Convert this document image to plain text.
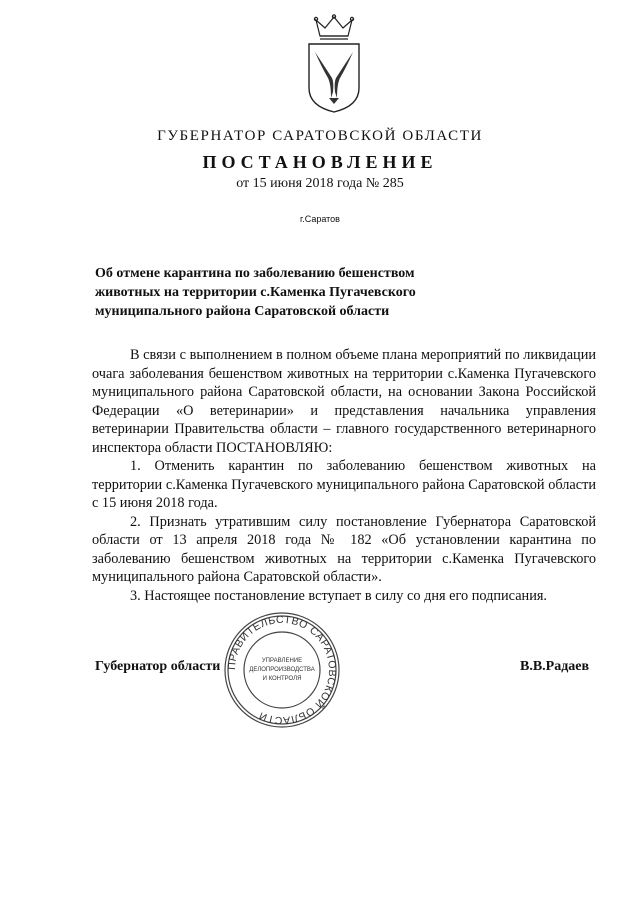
ГУБЕРНАТОР САРАТОВСКОЙ ОБЛАСТИ
ПОСТАНОВЛЕНИЕ
от 15 июня 2018 года № 285
г.Саратов
Об отмене карантина по заболеванию бешенством
животных на территории с.Каменка Пугачевского
муниципального района Саратовской области
В связи с выполнением в полном объеме плана мероприятий по ликвидации очага заболевания бешенством животных на территории с.Каменка Пугачевского муниципального района Саратовской области, на основании Закона Российской Федерации «О ветеринарии» и представления начальника управления ветеринарии Правительства области – главного государственного ветеринарного инспектора области ПОСТАНОВЛЯЮ:
1. Отменить карантин по заболеванию бешенством животных на территории с.Каменка Пугачевского муниципального района Саратовской области с 15 июня 2018 года.
2. Признать утратившим силу постановление Губернатора Саратовской области от 13 апреля 2018 года № 182 «Об установлении карантина по заболеванию бешенством животных на территории с.Каменка Пугачевского муниципального района Саратовской области».
3. Настоящее постановление вступает в силу со дня его подписания.
Губернатор области	В.В.Радаев
ПРАВИТЕЛЬСТВО САРАТОВСКОЙ ОБЛАСТИ
УПРАВЛЕНИЕ
ДЕЛОПРОИЗВОДСТВА
И КОНТРОЛЯ
